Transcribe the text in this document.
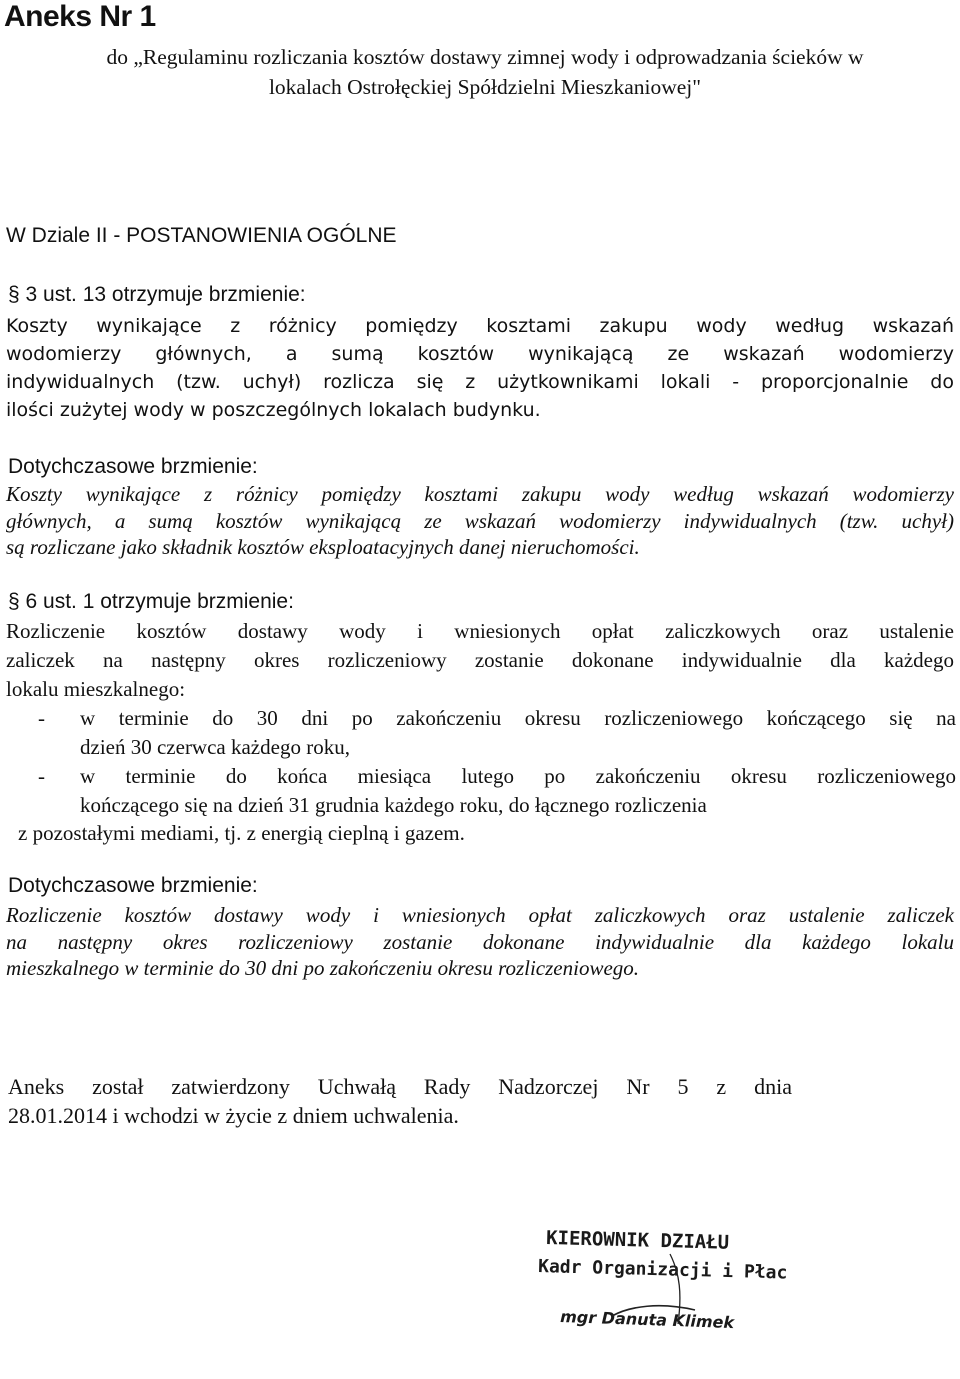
Aneks Nr 1
do „Regulaminu rozliczania kosztów dostawy zimnej wody i odprowadzania ścieków w
lokalach Ostrołęckiej Spółdzielni Mieszkaniowej"
W Dziale II - POSTANOWIENIA OGÓLNE
§ 3 ust. 13 otrzymuje brzmienie:
Koszty wynikające z różnicy pomiędzy kosztami zakupu wody według wskazań
wodomierzy głównych, a sumą kosztów wynikającą ze wskazań wodomierzy
indywidualnych (tzw. uchył) rozlicza się z użytkownikami lokali - proporcjonalnie do
ilości zużytej wody w poszczególnych lokalach budynku.
Dotychczasowe brzmienie:
Koszty wynikające z różnicy pomiędzy kosztami zakupu wody według wskazań wodomierzy
głównych, a sumą kosztów wynikającą ze wskazań wodomierzy indywidualnych (tzw. uchył)
są rozliczane jako składnik kosztów eksploatacyjnych danej nieruchomości.
§ 6 ust. 1 otrzymuje brzmienie:
Rozliczenie kosztów dostawy wody i wniesionych opłat zaliczkowych oraz ustalenie
zaliczek na następny okres rozliczeniowy zostanie dokonane indywidualnie dla każdego
lokalu mieszkalnego:
- w terminie do 30 dni po zakończeniu okresu rozliczeniowego kończącego się na
dzień 30 czerwca każdego roku,
- w terminie do końca miesiąca lutego po zakończeniu okresu rozliczeniowego
kończącego się na dzień 31 grudnia każdego roku, do łącznego rozliczenia
z pozostałymi mediami, tj. z energią cieplną i gazem.
Dotychczasowe brzmienie:
Rozliczenie kosztów dostawy wody i wniesionych opłat zaliczkowych oraz ustalenie zaliczek
na następny okres rozliczeniowy zostanie dokonane indywidualnie dla każdego lokalu
mieszkalnego w terminie do 30 dni po zakończeniu okresu rozliczeniowego.
Aneks został zatwierdzony Uchwałą Rady Nadzorczej Nr 5 z dnia
28.01.2014 i wchodzi w życie z dniem uchwalenia.
KIEROWNIK DZIAŁU
Kadr Organizacji i Płac
mgr Danuta Klimek
